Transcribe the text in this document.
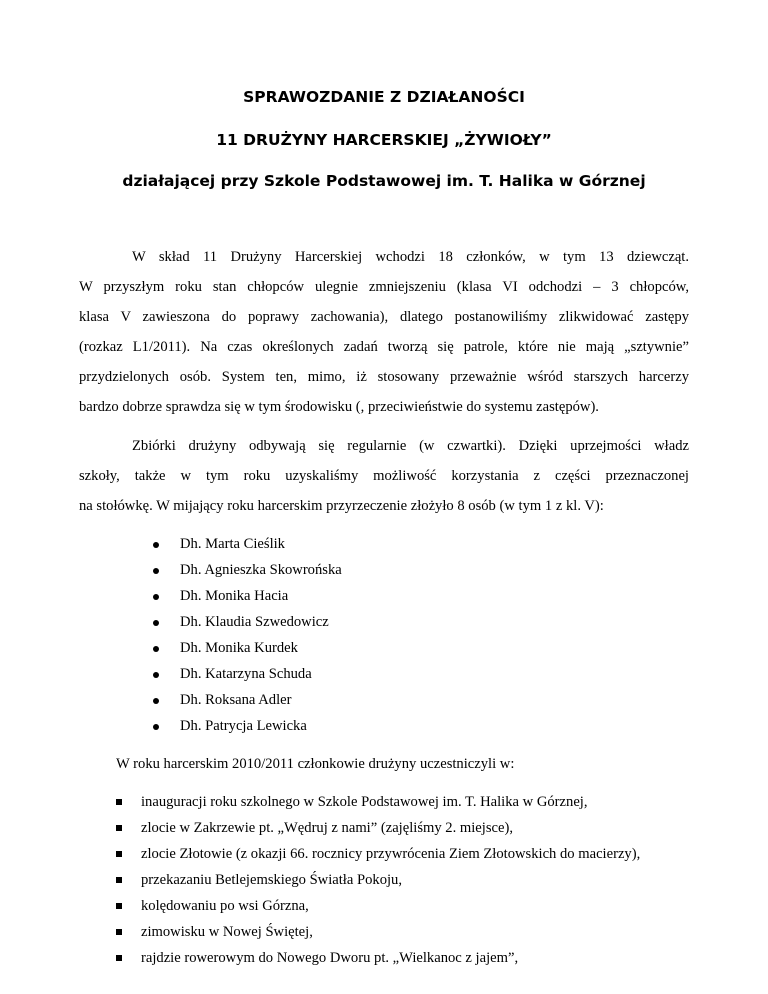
SPRAWOZDANIE Z DZIAŁANOŚCI
11 DRUŻYNY HARCERSKIEJ „ŻYWIOŁY”
działającej przy Szkole Podstawowej im. T. Halika w Górznej
W skład 11 Drużyny Harcerskiej wchodzi 18 członków, w tym 13 dziewcząt.
W przyszłym roku stan chłopców ulegnie zmniejszeniu (klasa VI odchodzi – 3 chłopców,
klasa V zawieszona do poprawy zachowania), dlatego postanowiliśmy zlikwidować zastępy
(rozkaz L1/2011). Na czas określonych zadań tworzą się patrole, które nie mają „sztywnie”
przydzielonych osób. System ten, mimo, iż stosowany przeważnie wśród starszych harcerzy
bardzo dobrze sprawdza się w tym środowisku (, przeciwieństwie do systemu zastępów).
Zbiórki drużyny odbywają się regularnie (w czwartki). Dzięki uprzejmości władz
szkoły, także w tym roku uzyskaliśmy możliwość korzystania z części przeznaczonej
na stołówkę. W mijający roku harcerskim przyrzeczenie złożyło 8 osób (w tym 1 z kl. V):
Dh. Marta Cieślik
Dh. Agnieszka Skowrońska
Dh. Monika Hacia
Dh. Klaudia Szwedowicz
Dh. Monika Kurdek
Dh. Katarzyna Schuda
Dh. Roksana Adler
Dh. Patrycja Lewicka
W roku harcerskim 2010/2011 członkowie drużyny uczestniczyli w:
inauguracji roku szkolnego w Szkole Podstawowej im. T. Halika w Górznej,
zlocie w Zakrzewie pt. „Wędruj z nami” (zajęliśmy 2. miejsce),
zlocie Złotowie (z okazji 66. rocznicy przywrócenia Ziem Złotowskich do macierzy),
przekazaniu Betlejemskiego Światła Pokoju,
kolędowaniu po wsi Górzna,
zimowisku w Nowej Świętej,
rajdzie rowerowym do Nowego Dworu pt. „Wielkanoc z jajem”,
